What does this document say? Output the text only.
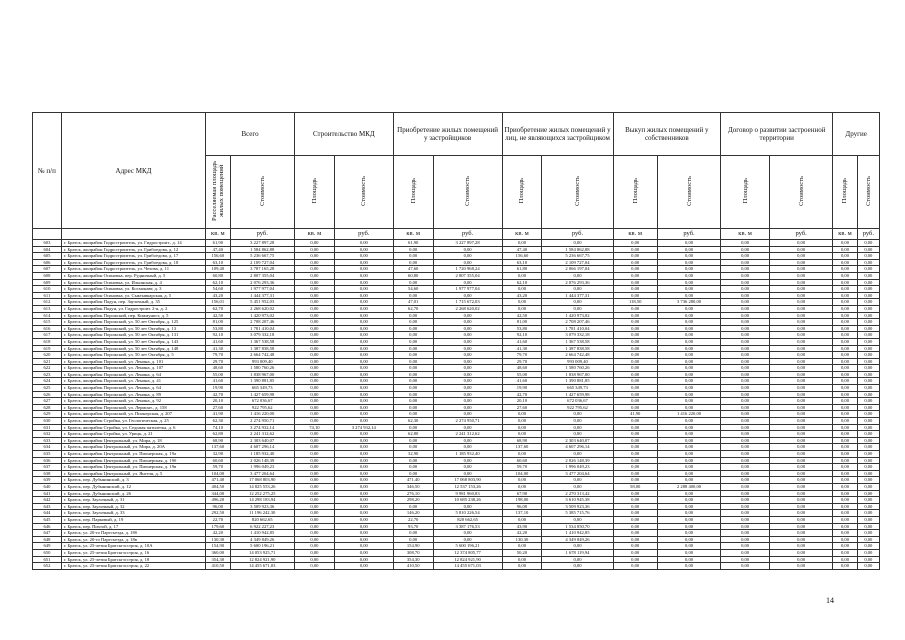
№ п/п	Адрес МКД	Всего		Строительство МКД		Приобретение жилых помещений у застройщиков		Приобретение жилых помещений у лиц, не являющихся застройщиком		Выкуп жилых помещений у собственников		Договор о развитии застроенной территории		Другие	
		Расселяемая площадь жилых помещений	Стоимость	Площадь	Стоимость	Площадь	Стоимость	Площадь	Стоимость	Площадь	Стоимость	Площадь	Стоимость	Площадь	Стоимость
		кв. м	руб.	кв. м	руб.	кв. м	руб.	кв. м	руб.	кв. м	руб.	кв. м	руб.	кв. м	руб.
603	г. Братск, жилрайон Гидростроитель, ул. Гидростроит., д. 14	61,90	3 227 897,28	0,00	0,00	61,90	3 227 897,28	0,00	0,00	0,00	0,00	0,00	0,00	0,00	0,00
604	г. Братск, жилрайон Гидростроитель, ул. Грибоедова, д. 12	47,40	1 584 862,88	0,00	0,00	0,00	0,00	47,40	1 584 862,88	0,00	0,00	0,00	0,00	0,00	0,00
605	г. Братск, жилрайон Гидростроитель, ул. Грибоедова, д. 17	156,60	5 236 667,75	0,00	0,00	0,00	0,00	156,60	5 236 667,75	0,00	0,00	0,00	0,00	0,00	0,00
606	г. Братск, жилрайон Гидростроитель, ул. Грибоедова, д. 18	63,10	2 109 727,04	0,00	0,00	0,00	0,00	63,10	2 109 727,04	0,00	0,00	0,00	0,00	0,00	0,00
607	г. Братск, жилрайон Гидростроитель, ул. Чехова, д. 11	109,40	3 787 165,28	0,00	0,00	47,60	1 720 968,24	61,80	2 066 197,04	0,00	0,00	0,00	0,00	0,00	0,00
608	г. Братск, жилрайон Осиновка, пер. Рудничный, д. 5	60,80	2 807 355,04	0,00	0,00	60,80	2 807 355,04	0,00	0,00	0,00	0,00	0,00	0,00	0,00	0,00
609	г. Братск, жилрайон Осиновка, ул. Ильинская, д. 4	62,10	2 076 293,36	0,00	0,00	0,00	0,00	62,10	2 076 293,36	0,00	0,00	0,00	0,00	0,00	0,00
610	г. Братск, жилрайон Осиновка, ул. Космонавт, д. 3	54,60	1 977 977,04	0,00	0,00	54,60	1 977 977,04	0,00	0,00	0,00	0,00	0,00	0,00	0,00	0,00
611	г. Братск, жилрайон Осиновка, ул. Сыктывкарская, д. 5	43,20	1 444 377,31	0,00	0,00	0,00	0,00	43,20	1 444 377,31	0,00	0,00	0,00	0,00	0,00	0,00
612	г. Братск, жилрайон Падун, пер. Заулочный, д. 35	156,01	5 451 952,03	0,00	0,00	47,01	1 715 672,03	0,00	0,00	118,50	3 736 280,00	0,00	0,00	0,00	0,00
613	г. Братск, жилрайон Падун, ул. Гидростроит. 2-я, д. 2	62,70	2 268 620,02	0,00	0,00	62,70	2 268 620,02	0,00	0,00	0,00	0,00	0,00	0,00	0,00	0,00
614	г. Братск, жилрайон Порожский, пер. Коммунист, д. 5	42,50	1 420 973,02	0,00	0,00	0,00	0,00	42,50	1 420 973,02	0,00	0,00	0,00	0,00	0,00	0,00
615	г. Братск, жилрайон Порожский, ул. 50 лет Октября, д. 125	81,00	2 708 207,46	0,00	0,00	0,00	0,00	81,00	2 708 207,46	0,00	0,00	0,00	0,00	0,00	0,00
616	г. Братск, жилрайон Порожский, ул. 50 лет Октября, д. 13	53,80	1 781 410,04	0,00	0,00	0,00	0,00	53,80	1 781 410,04	0,00	0,00	0,00	0,00	0,00	0,00
617	г. Братск, жилрайон Порожский, ул. 50 лет Октября, д. 131	92,10	3 079 332,18	0,00	0,00	0,00	0,00	92,10	3 079 332,18	0,00	0,00	0,00	0,00	0,00	0,00
618	г. Братск, жилрайон Порожский, ул. 50 лет Октября, д. 143	41,60	1 367 538,58	0,00	0,00	0,00	0,00	41,60	1 367 538,58	0,00	0,00	0,00	0,00	0,00	0,00
619	г. Братск, жилрайон Порожский, ул. 50 лет Октября, д. 148	41,30	1 387 838,58	0,00	0,00	0,00	0,00	41,30	1 387 838,58	0,00	0,00	0,00	0,00	0,00	0,00
620	г. Братск, жилрайон Порожский, ул. 50 лет Октября, д. 5	79,70	2 664 742,48	0,00	0,00	0,00	0,00	79,70	2 664 742,48	0,00	0,00	0,00	0,00	0,00	0,00
621	г. Братск, жилрайон Порожский, ул. Ленина, д. 101	29,70	993 009,40	0,00	0,00	0,00	0,00	29,70	993 009,40	0,00	0,00	0,00	0,00	0,00	0,00
622	г. Братск, жилрайон Порожский, ул. Ленина, д. 107	48,60	1 580 760,26	0,00	0,00	0,00	0,00	48,60	1 580 760,26	0,00	0,00	0,00	0,00	0,00	0,00
623	г. Братск, жилрайон Порожский, ул. Ленина, д. 64	55,00	1 838 967,00	0,00	0,00	0,00	0,00	55,00	1 838 967,00	0,00	0,00	0,00	0,00	0,00	0,00
624	г. Братск, жилрайон Порожский, ул. Ленина, д. 41	41,60	1 390 881,85	0,00	0,00	0,00	0,00	41,60	1 390 881,85	0,00	0,00	0,00	0,00	0,00	0,00
625	г. Братск, жилрайон Порожский, ул. Ленина, д. 64	19,90	665 349,73	0,00	0,00	0,00	0,00	19,90	665 349,73	0,00	0,00	0,00	0,00	0,00	0,00
626	г. Братск, жилрайон Порожский, ул. Ленина, д. 89	42,70	1 427 659,98	0,00	0,00	0,00	0,00	42,70	1 427 659,98	0,00	0,00	0,00	0,00	0,00	0,00
627	г. Братск, жилрайон Порожский, ул. Ленина, д. 92	20,10	672 036,67	0,00	0,00	0,00	0,00	20,10	672 036,67	0,00	0,00	0,00	0,00	0,00	0,00
628	г. Братск, жилрайон Порожский, ул. Лермонт., д. 158	27,60	922 795,62	0,00	0,00	0,00	0,00	27,60	922 795,62	0,00	0,00	0,00	0,00	0,00	0,00
629	г. Братск, жилрайон Порожский, ул. Пионерская, д. 207	41,90	1 416 220,00	0,00	0,00	0,00	0,00	0,00	0,00	41,90	1 416 220,00	0,00	0,00	0,00	0,00
630	г. Братск, жилрайон Стройка, ул. Геологическая, д. 25	62,30	2 274 950,71	0,00	0,00	62,30	2 274 950,71	0,00	0,00	0,00	0,00	0,00	0,00	0,00	0,00
631	г. Братск, жилрайон Стройка, ул. Седьмая пятилетка, д. 6	74,10	3 274 932,14	74,10	3 274 932,14	0,00	0,00	0,00	0,00	0,00	0,00	0,00	0,00	0,00	0,00
632	г. Братск, жилрайон Стройка, ул. Урицк, д. 21	62,80	2 241 312,62	0,00	0,00	62,80	2 241 312,62	0,00	0,00	0,00	0,00	0,00	0,00	0,00	0,00
633	г. Братск, жилрайон Центральный, ул. Мира, д. 18	68,90	2 303 640,07	0,00	0,00	0,00	0,00	68,90	2 303 640,07	0,00	0,00	0,00	0,00	0,00	0,00
634	г. Братск, жилрайон Центральный, ул. Мира, д. 20А	137,60	4 607 296,14	0,00	0,00	0,00	0,00	137,60	4 607 296,14	0,00	0,00	0,00	0,00	0,00	0,00
635	г. Братск, жилрайон Центральный, ул. Пионерская, д. 19а	32,90	1 185 932,40	0,00	0,00	32,90	1 185 932,40	0,00	0,00	0,00	0,00	0,00	0,00	0,00	0,00
636	г. Братск, жилрайон Центральный, ул. Пионерская, д. 19б	60,60	2 026 148,39	0,00	0,00	0,00	0,00	60,60	2 026 148,39	0,00	0,00	0,00	0,00	0,00	0,00
637	г. Братск, жилрайон Центральный, ул. Пионерская, д. 19в	59,70	1 996 049,23	0,00	0,00	0,00	0,00	59,70	1 996 049,23	0,00	0,00	0,00	0,00	0,00	0,00
638	г. Братск, жилрайон Центральный, ул. Янгеля, д. 5	104,00	3 477 204,64	0,00	0,00	0,00	0,00	104,00	3 477 204,64	0,00	0,00	0,00	0,00	0,00	0,00
639	г. Братск, пер. Дубынинский, д. 3	471,40	17 068 803,90	0,00	0,00	471,40	17 068 803,90	0,00	0,00	0,00	0,00	0,00	0,00	0,00	0,00
640	г. Братск, пер. Дубынинский, д. 12	404,50	14 825 553,26	0,00	0,00	346,50	12 537 153,26	0,00	0,00	58,00	2 288 400,00	0,00	0,00	0,00	0,00
641	г. Братск, пер. Дубынинский, д. 26	344,00	12 252 275,25	0,00	0,00	276,10	9 981 960,83	67,90	2 270 313,42	0,00	0,00	0,00	0,00	0,00	0,00
642	г. Братск, пер. Заулочный, д. 31	496,20	14 298 183,94	0,00	0,00	298,20	10 685 238,26	198,00	3 610 945,38	0,00	0,00	0,00	0,00	0,00	0,00
643	г. Братск, пер. Заулочный, д. 32	96,00	3 509 923,36	0,00	0,00	0,00	0,00	96,00	3 509 923,36	0,00	0,00	0,00	0,00	0,00	0,00
644	г. Братск, пер. Заулочный, д. 33	292,50	11 196 242,30	0,00	0,00	146,20	5 810 226,54	137,10	5 385 715,76	0,00	0,00	0,00	0,00	0,00	0,00
645	г. Братск, пер. Парковый, д. 19	22,70	820 662,65	0,00	0,00	22,70	820 662,65	0,00	0,00	0,00	0,00	0,00	0,00	0,00	0,00
646	г. Братск, пер. Пихтой, д. 17	179,60	6 922 227,23	0,00	0,00	93,70	3 387 176,53	43,90	1 534 850,70	0,00	0,00	0,00	0,00	0,00	0,00
647	г. Братск, ул. 20-го Партсъезда, д. 18б	42,20	1 410 942,85	0,00	0,00	0,00	0,00	42,20	1 410 942,85	0,00	0,00	0,00	0,00	0,00	0,00
648	г. Братск, ул. 20-го Партсъезда, д. 18в	130,30	4 349 849,26	0,00	0,00	0,00	0,00	130,30	4 349 849,26	0,00	0,00	0,00	0,00	0,00	0,00
649	г. Братск, ул. 25-летия Братскгэсстроя, д. 10А	154,90	5 600 196,21	0,00	0,00	154,90	5 600 196,21	0,00	0,00	0,00	0,00	0,00	0,00	0,00	0,00
650	г. Братск, ул. 25-летия Братскгэсстроя, д. 16	360,00	14 053 925,71	0,00	0,00	308,70	12 374 805,77	50,20	1 678 119,94	0,00	0,00	0,00	0,00	0,00	0,00
651	г. Братск, ул. 25-летия Братскгэсстроя, д. 18	354,30	12 824 921,90	0,00	0,00	354,30	12 824 921,90	0,00	0,00	0,00	0,00	0,00	0,00	0,00	0,00
652	г. Братск, ул. 25-летия Братскгэсстроя, д. 22	410,50	14 455 671,03	0,00	0,00	410,50	14 455 671,03	0,00	0,00	0,00	0,00	0,00	0,00	0,00	0,00
14
